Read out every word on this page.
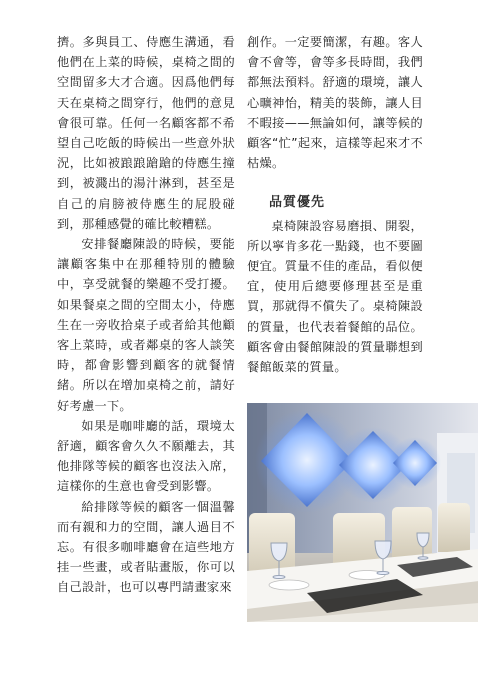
擠。多與員工、侍應生溝通，看他們在上菜的時候，桌椅之間的空間留多大才合適。因爲他們每天在桌椅之間穿行，他們的意見會很可靠。任何一名顧客都不希望自己吃飯的時候出一些意外狀況，比如被踉踉蹌蹌的侍應生撞到，被濺出的湯汁淋到，甚至是自己的肩膀被侍應生的屁股碰到，那種感覺的確比較糟糕。

安排餐廳陳設的時候，要能讓顧客集中在那種特別的體驗中，享受就餐的樂趣不受打擾。如果餐桌之間的空間太小，侍應生在一旁收拾桌子或者給其他顧客上菜時，或者鄰桌的客人談笑時，都會影響到顧客的就餐情緒。所以在增加桌椅之前，請好好考慮一下。

如果是咖啡廳的話，環境太舒適，顧客會久久不願離去，其他排隊等候的顧客也沒法入席，這樣你的生意也會受到影響。

給排隊等候的顧客一個溫馨而有親和力的空間，讓人過目不忘。有很多咖啡廳會在這些地方挂一些畫，或者貼畫版，你可以自己設計，也可以專門請畫家來

創作。一定要簡潔，有趣。客人會不會等，會等多長時間，我們都無法預料。舒適的環境，讓人心曠神怡，精美的裝飾，讓人目不暇接——無論如何，讓等候的顧客“忙”起來，這樣等起來才不枯燥。

品質優先

桌椅陳設容易磨損、開裂，所以寧肯多花一點錢，也不要圖便宜。質量不佳的產品，看似便宜，使用后總要修理甚至是重買，那就得不償失了。桌椅陳設的質量，也代表着餐館的品位。顧客會由餐館陳設的質量聯想到餐館飯菜的質量。
